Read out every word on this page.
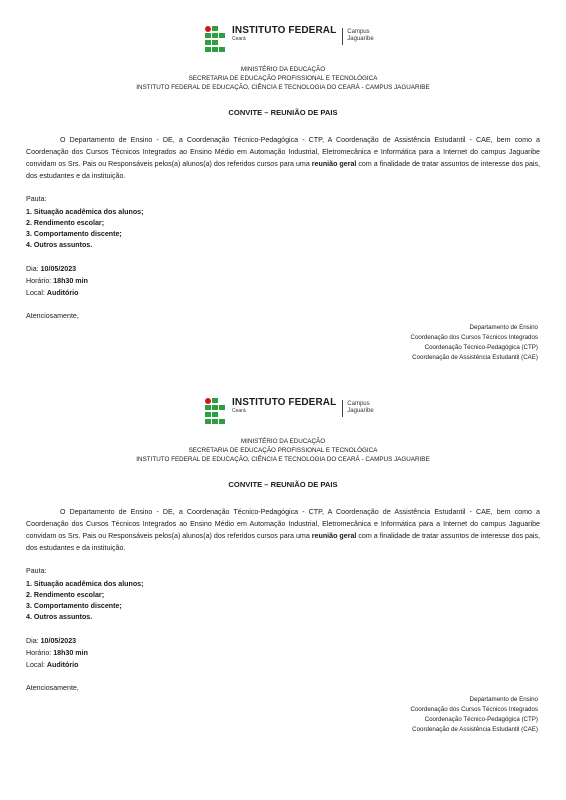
INSTITUTO FEDERAL
Ceará
Campus
Jaguaribe
MINISTÉRIO DA EDUCAÇÃO
SECRETARIA DE EDUCAÇÃO PROFISSIONAL E TECNOLÓGICA
INSTITUTO FEDERAL DE EDUCAÇÃO, CIÊNCIA E TECNOLOGIA DO CEARÁ - CAMPUS JAGUARIBE
CONVITE – REUNIÃO DE PAIS
O Departamento de Ensino - DE, a Coordenação Técnico-Pedagógica - CTP, A Coordenação de Assistência Estudantil - CAE, bem como a Coordenação dos Cursos Técnicos Integrados ao Ensino Médio em Automação Industrial, Eletromecânica e Informática para a Internet do campus Jaguaribe convidam os Srs. Pais ou Responsáveis pelos(a) alunos(a) dos referidos cursos para uma reunião geral com a finalidade de tratar assuntos de interesse dos pais, dos estudantes e da instituição.
Pauta:
1. Situação acadêmica dos alunos;
2. Rendimento escolar;
3. Comportamento discente;
4. Outros assuntos.
Dia: 10/05/2023
Horário: 18h30 min
Local: Auditório
Atenciosamente,
Departamento de Ensino
Coordenação dos Cursos Técnicos Integrados
Coordenação Técnico-Pedagógica (CTP)
Coordenação de Assistência Estudantil (CAE)
INSTITUTO FEDERAL
Ceará
Campus
Jaguaribe
MINISTÉRIO DA EDUCAÇÃO
SECRETARIA DE EDUCAÇÃO PROFISSIONAL E TECNOLÓGICA
INSTITUTO FEDERAL DE EDUCAÇÃO, CIÊNCIA E TECNOLOGIA DO CEARÁ - CAMPUS JAGUARIBE
CONVITE – REUNIÃO DE PAIS
O Departamento de Ensino - DE, a Coordenação Técnico-Pedagógica - CTP, A Coordenação de Assistência Estudantil - CAE, bem como a Coordenação dos Cursos Técnicos Integrados ao Ensino Médio em Automação Industrial, Eletromecânica e Informática para a Internet do campus Jaguaribe convidam os Srs. Pais ou Responsáveis pelos(a) alunos(a) dos referidos cursos para uma reunião geral com a finalidade de tratar assuntos de interesse dos pais, dos estudantes e da instituição.
Pauta:
1. Situação acadêmica dos alunos;
2. Rendimento escolar;
3. Comportamento discente;
4. Outros assuntos.
Dia: 10/05/2023
Horário: 18h30 min
Local: Auditório
Atenciosamente,
Departamento de Ensino
Coordenação dos Cursos Técnicos Integrados
Coordenação Técnico-Pedagógica (CTP)
Coordenação de Assistência Estudantil (CAE)
